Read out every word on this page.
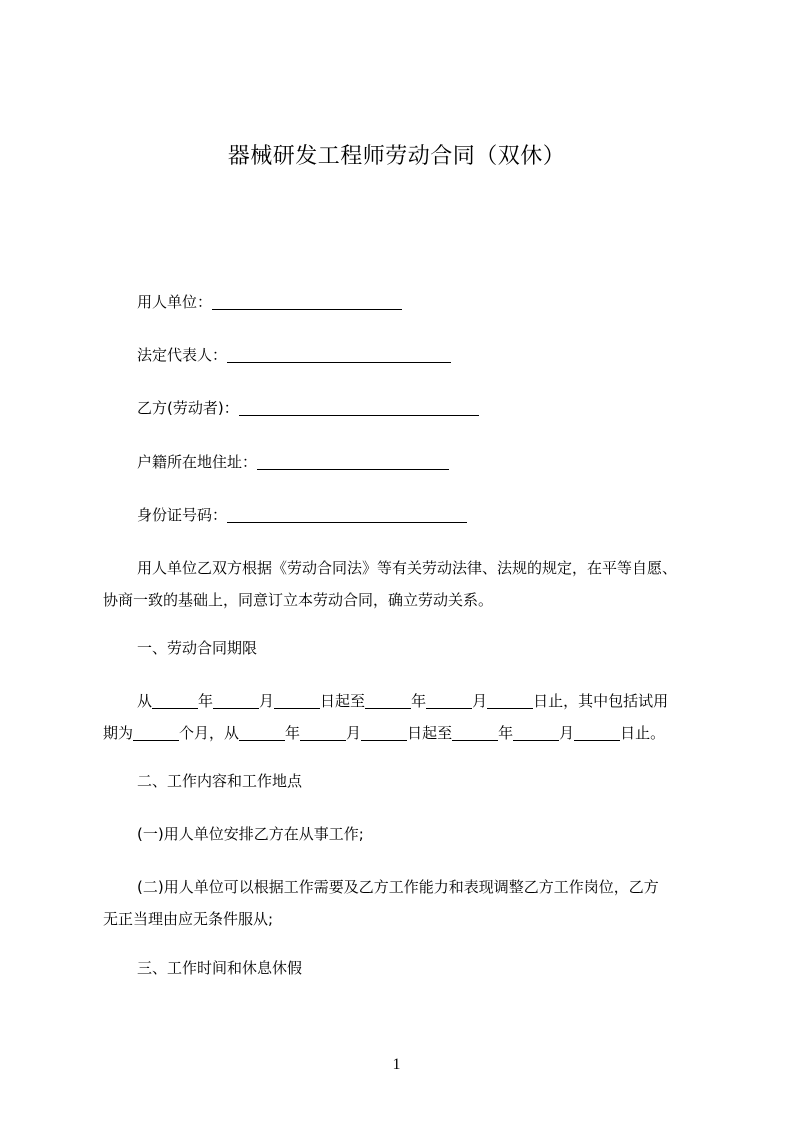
器械研发工程师劳动合同（双休）
用人单位：
法定代表人：
乙方(劳动者)：
户籍所在地住址：
身份证号码：
用人单位乙双方根据《劳动合同法》等有关劳动法律、法规的规定，在平等自愿、
协商一致的基础上，同意订立本劳动合同，确立劳动关系。
一、劳动合同期限
从	年	月	日起至	年	月	日止，其中包括试用
期为	个月，从	年	月	日起至	年	月	日止。
二、工作内容和工作地点
(一)用人单位安排乙方在从事工作;
(二)用人单位可以根据工作需要及乙方工作能力和表现调整乙方工作岗位，乙方
无正当理由应无条件服从;
三、工作时间和休息休假
1
